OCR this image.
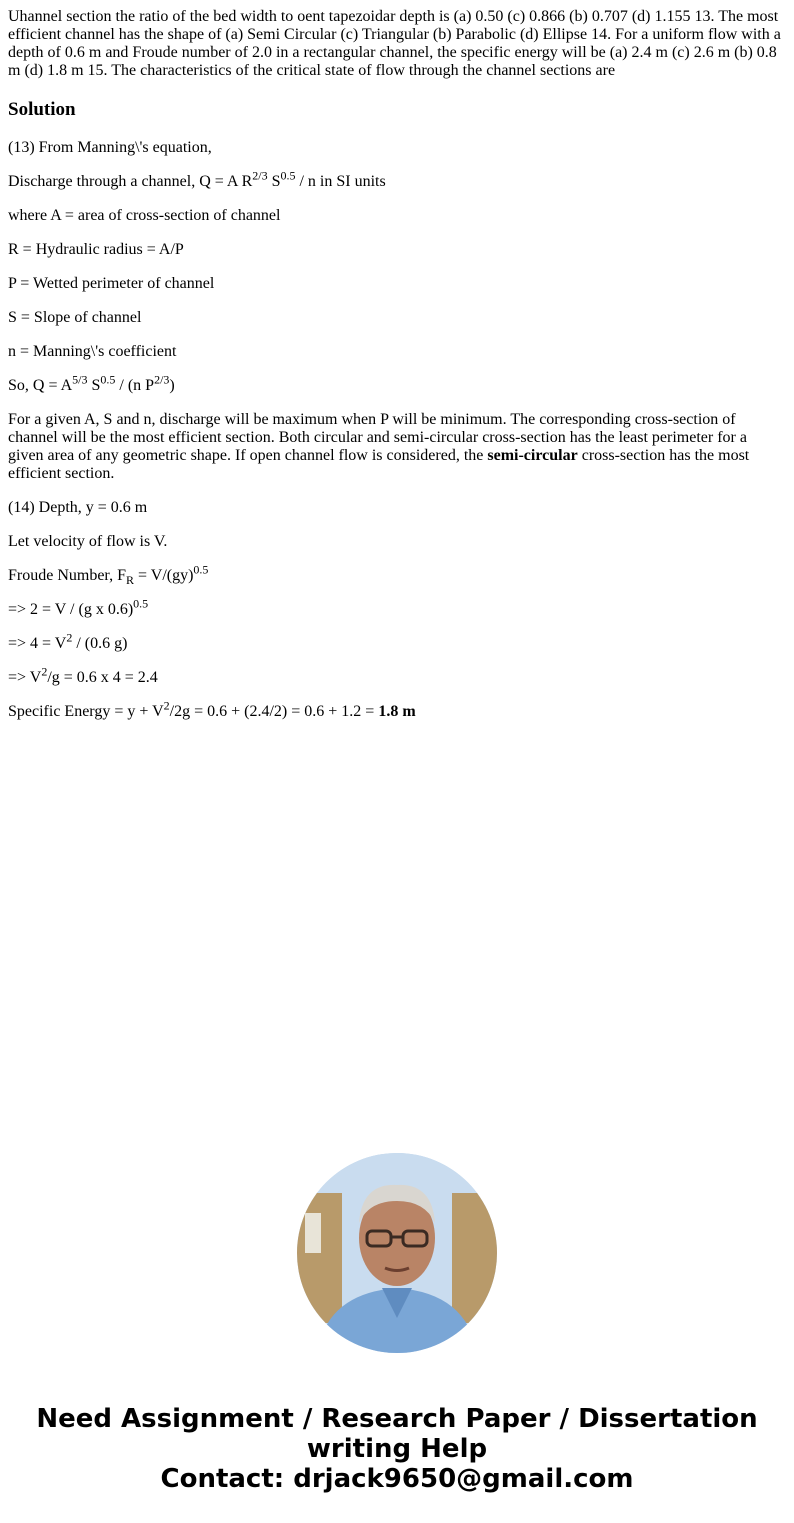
Uhannel section the ratio of the bed width to oent tapezoidar depth is (a) 0.50 (c) 0.866 (b) 0.707 (d) 1.155 13. The most efficient channel has the shape of (a) Semi Circular (c) Triangular (b) Parabolic (d) Ellipse 14. For a uniform flow with a depth of 0.6 m and Froude number of 2.0 in a rectangular channel, the specific energy will be (a) 2.4 m (c) 2.6 m (b) 0.8 m (d) 1.8 m 15. The characteristics of the critical state of flow through the channel sections are
Solution

(13) From Manning\'s equation,

Discharge through a channel, Q = A $R^{2/3}$ $S^{0.5}$ / n in SI units

where A = area of cross-section of channel

R = Hydraulic radius = A/P

P = Wetted perimeter of channel

S = Slope of channel

n = Manning\'s coefficient

So, $Q = A^{5/3}$ $S^{0.5} / (n$ $P^{2/3}$)

For a given A, S and n, discharge will be maximum when P will be minimum. The corresponding cross-section of channel will be the most efficient section. Both circular and semi-circular cross-section has the least perimeter for a given area of any geometric shape. If open channel flow is considered, the semi-circular cross-section has the most efficient section.

(14) Depth, y = 0.6 m

Let velocity of flow is V.

Froude Number, $F_R = V/(gy)^{0.5}$

=> 2 = V / (g x 0.6)$^{0.5}$

=> $4 = V^2 / (0.6$ g)

=> $V^2/g = 0.6$ x 4 = 2.4

Specific Energy = $y + V^2/2g = 0.6 + (2.4/2) = 0.6 + 1.2 = 1.8$ m

Need Assignment / Research Paper / Dissertation
writing Help
Contact: drjack9650@gmail.com
